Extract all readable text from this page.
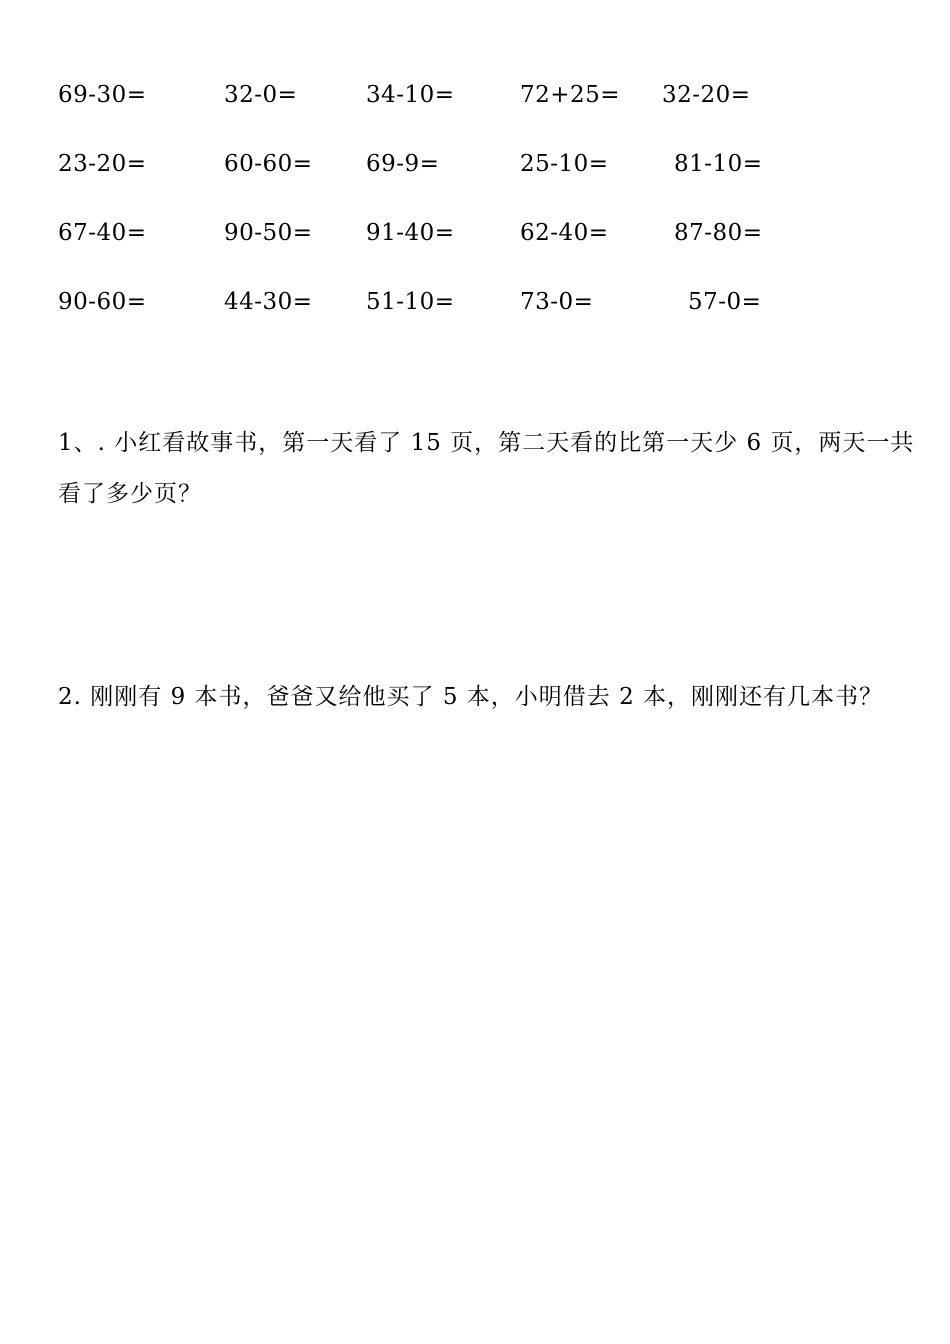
69-30=	32-0=	34-10=	72+25= 32-20=
23-20=	60-60= 69-9=	25-10=	81-10=
67-40=	90-50= 91-40=	62-40=	87-80=
90-60=	44-30= 51-10=	73-0=	57-0=
1、. 小红看故事书，第一天看了 15 页，第二天看的比第一天少 6 页，两天一共看了多少页？
2. 刚刚有 9 本书，爸爸又给他买了 5 本，小明借去 2 本，刚刚还有几本书？
